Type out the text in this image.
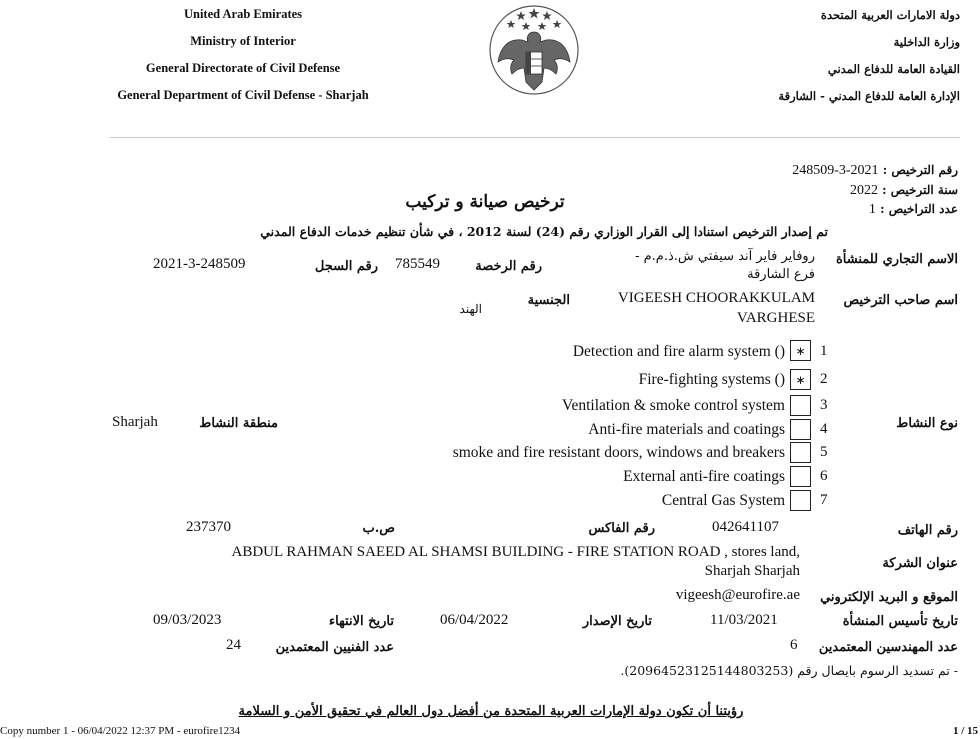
United Arab Emirates
Ministry of Interior
General Directorate of Civil Defense
General Department of Civil Defense - Sharjah
دولة الامارات العربية المتحدة
وزارة الداخلية
القيادة العامة للدفاع المدني
الإدارة العامة للدفاع المدني - الشارقة
رقم الترخيص : 2021-3-248509
سنة الترخيص : 2022
عدد التراخيص : 1
ترخيص صيانة و تركيب
تم إصدار الترخيص استنادا إلى القرار الوزاري رقم (24) لسنة 2012 ، في شأن تنظيم خدمات الدفاع المدني
الاسم التجاري للمنشأة
روفاير فاير آند سيفتي ش.ذ.م.م - فرع الشارقة
رقم الرخصة
785549
رقم السجل
2021-3-248509
اسم صاحب الترخيص
VIGEESH CHOORAKKULAM
VARGHESE
الجنسية
الهند
نوع النشاط
منطقة النشاط
Sharjah
Detection and fire alarm system () ∗ 1
Fire-fighting systems () ∗ 2
Ventilation & smoke control system 3
Anti-fire materials and coatings 4
smoke and fire resistant doors, windows and breakers 5
External anti-fire coatings 6
Central Gas System 7
رقم الهاتف
042641107
رقم الفاكس
ص.ب
237370
عنوان الشركة
ABDUL RAHMAN SAEED AL SHAMSI BUILDING - FIRE STATION ROAD , stores land,
Sharjah Sharjah
الموقع و البريد الإلكتروني
vigeesh@eurofire.ae
تاريخ تأسيس المنشأة
11/03/2021
تاريخ الإصدار
06/04/2022
تاريخ الانتهاء
09/03/2023
عدد المهندسين المعتمدين
6
عدد الفنيين المعتمدين
24
- تم تسديد الرسوم بايصال رقم (20964523125144803253).
رؤيتنا أن تكون دولة الإمارات العربية المتحدة من أفضل دول العالم في تحقيق الأمن و السلامة
Copy number 1 - 06/04/2022 12:37 PM - eurofire1234	1 / 15
